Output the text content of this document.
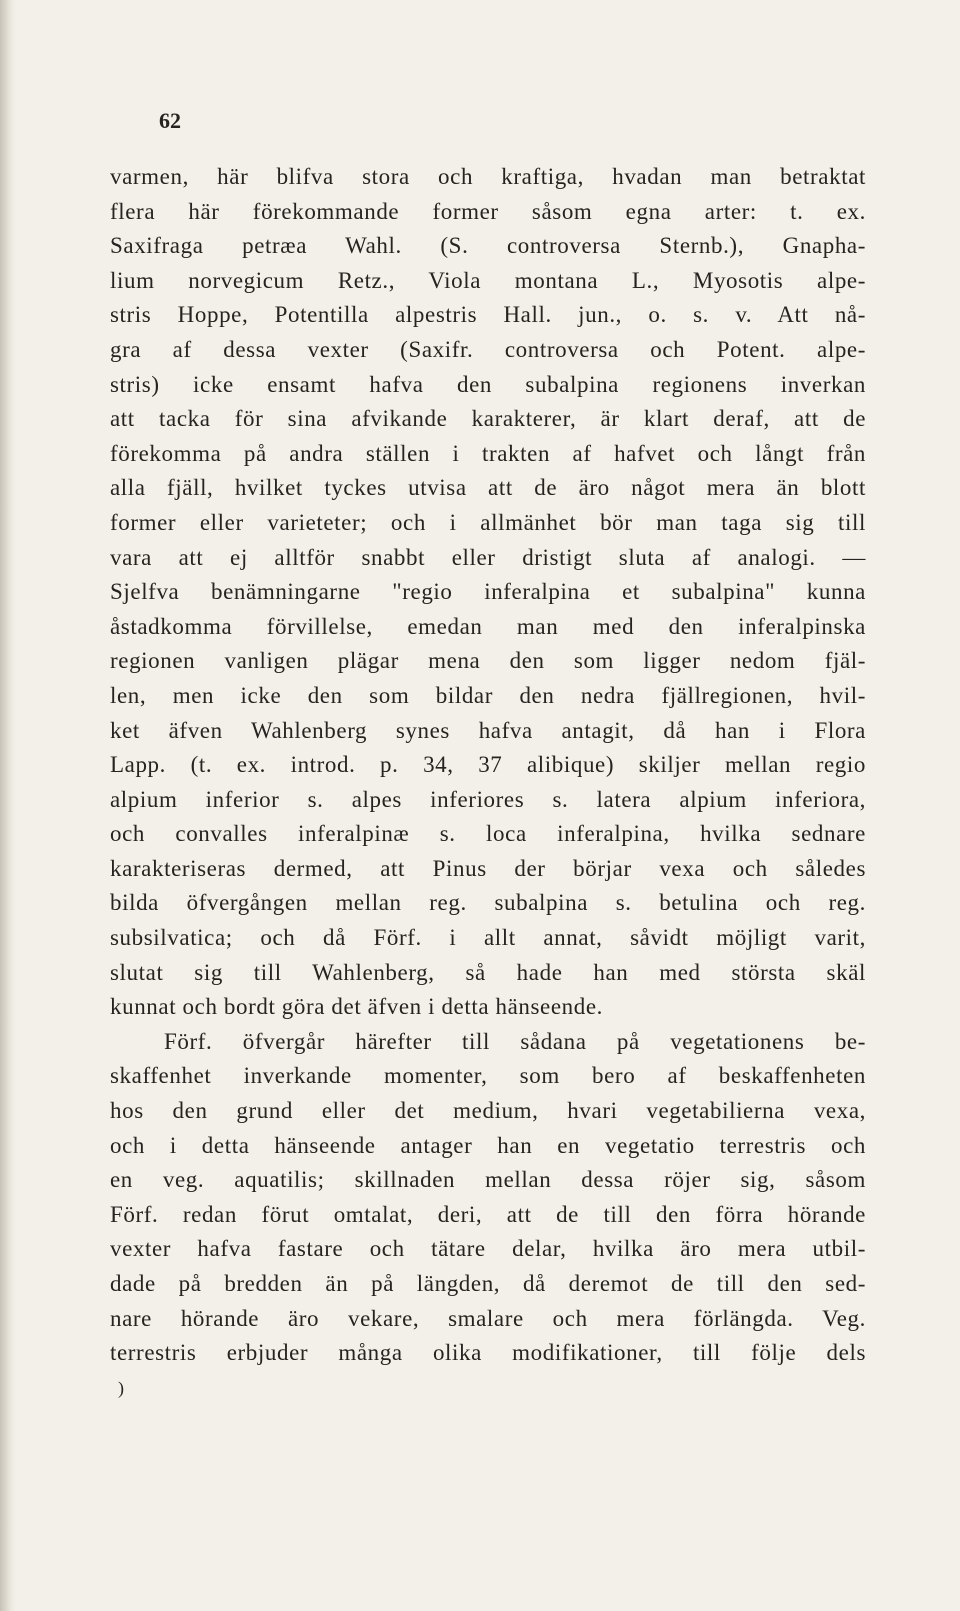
62
varmen, här blifva stora och kraftiga, hvadan man betraktat
flera här förekommande former såsom egna arter: t. ex.
Saxifraga petræa Wahl. (S. controversa Sternb.), Gnapha-
lium norvegicum Retz., Viola montana L., Myosotis alpe-
stris Hoppe, Potentilla alpestris Hall. jun., o. s. v. Att nå-
gra af dessa vexter (Saxifr. controversa och Potent. alpe-
stris) icke ensamt hafva den subalpina regionens inverkan
att tacka för sina afvikande karakterer, är klart deraf, att de
förekomma på andra ställen i trakten af hafvet och långt från
alla fjäll, hvilket tyckes utvisa att de äro något mera än blott
former eller varieteter; och i allmänhet bör man taga sig till
vara att ej alltför snabbt eller dristigt sluta af analogi. —
Sjelfva benämningarne "regio inferalpina et subalpina" kunna
åstadkomma förvillelse, emedan man med den inferalpinska
regionen vanligen plägar mena den som ligger nedom fjäl-
len, men icke den som bildar den nedra fjällregionen, hvil-
ket äfven Wahlenberg synes hafva antagit, då han i Flora
Lapp. (t. ex. introd. p. 34, 37 alibique) skiljer mellan regio
alpium inferior s. alpes inferiores s. latera alpium inferiora,
och convalles inferalpinæ s. loca inferalpina, hvilka sednare
karakteriseras dermed, att Pinus der börjar vexa och således
bilda öfvergången mellan reg. subalpina s. betulina och reg.
subsilvatica; och då Förf. i allt annat, såvidt möjligt varit,
slutat sig till Wahlenberg, så hade han med största skäl
kunnat och bordt göra det äfven i detta hänseende.
Förf. öfvergår härefter till sådana på vegetationens be-
skaffenhet inverkande momenter, som bero af beskaffenheten
hos den grund eller det medium, hvari vegetabilierna vexa,
och i detta hänseende antager han en vegetatio terrestris och
en veg. aquatilis; skillnaden mellan dessa röjer sig, såsom
Förf. redan förut omtalat, deri, att de till den förra hörande
vexter hafva fastare och tätare delar, hvilka äro mera utbil-
dade på bredden än på längden, då deremot de till den sed-
nare hörande äro vekare, smalare och mera förlängda. Veg.
terrestris erbjuder många olika modifikationer, till följe dels
)
